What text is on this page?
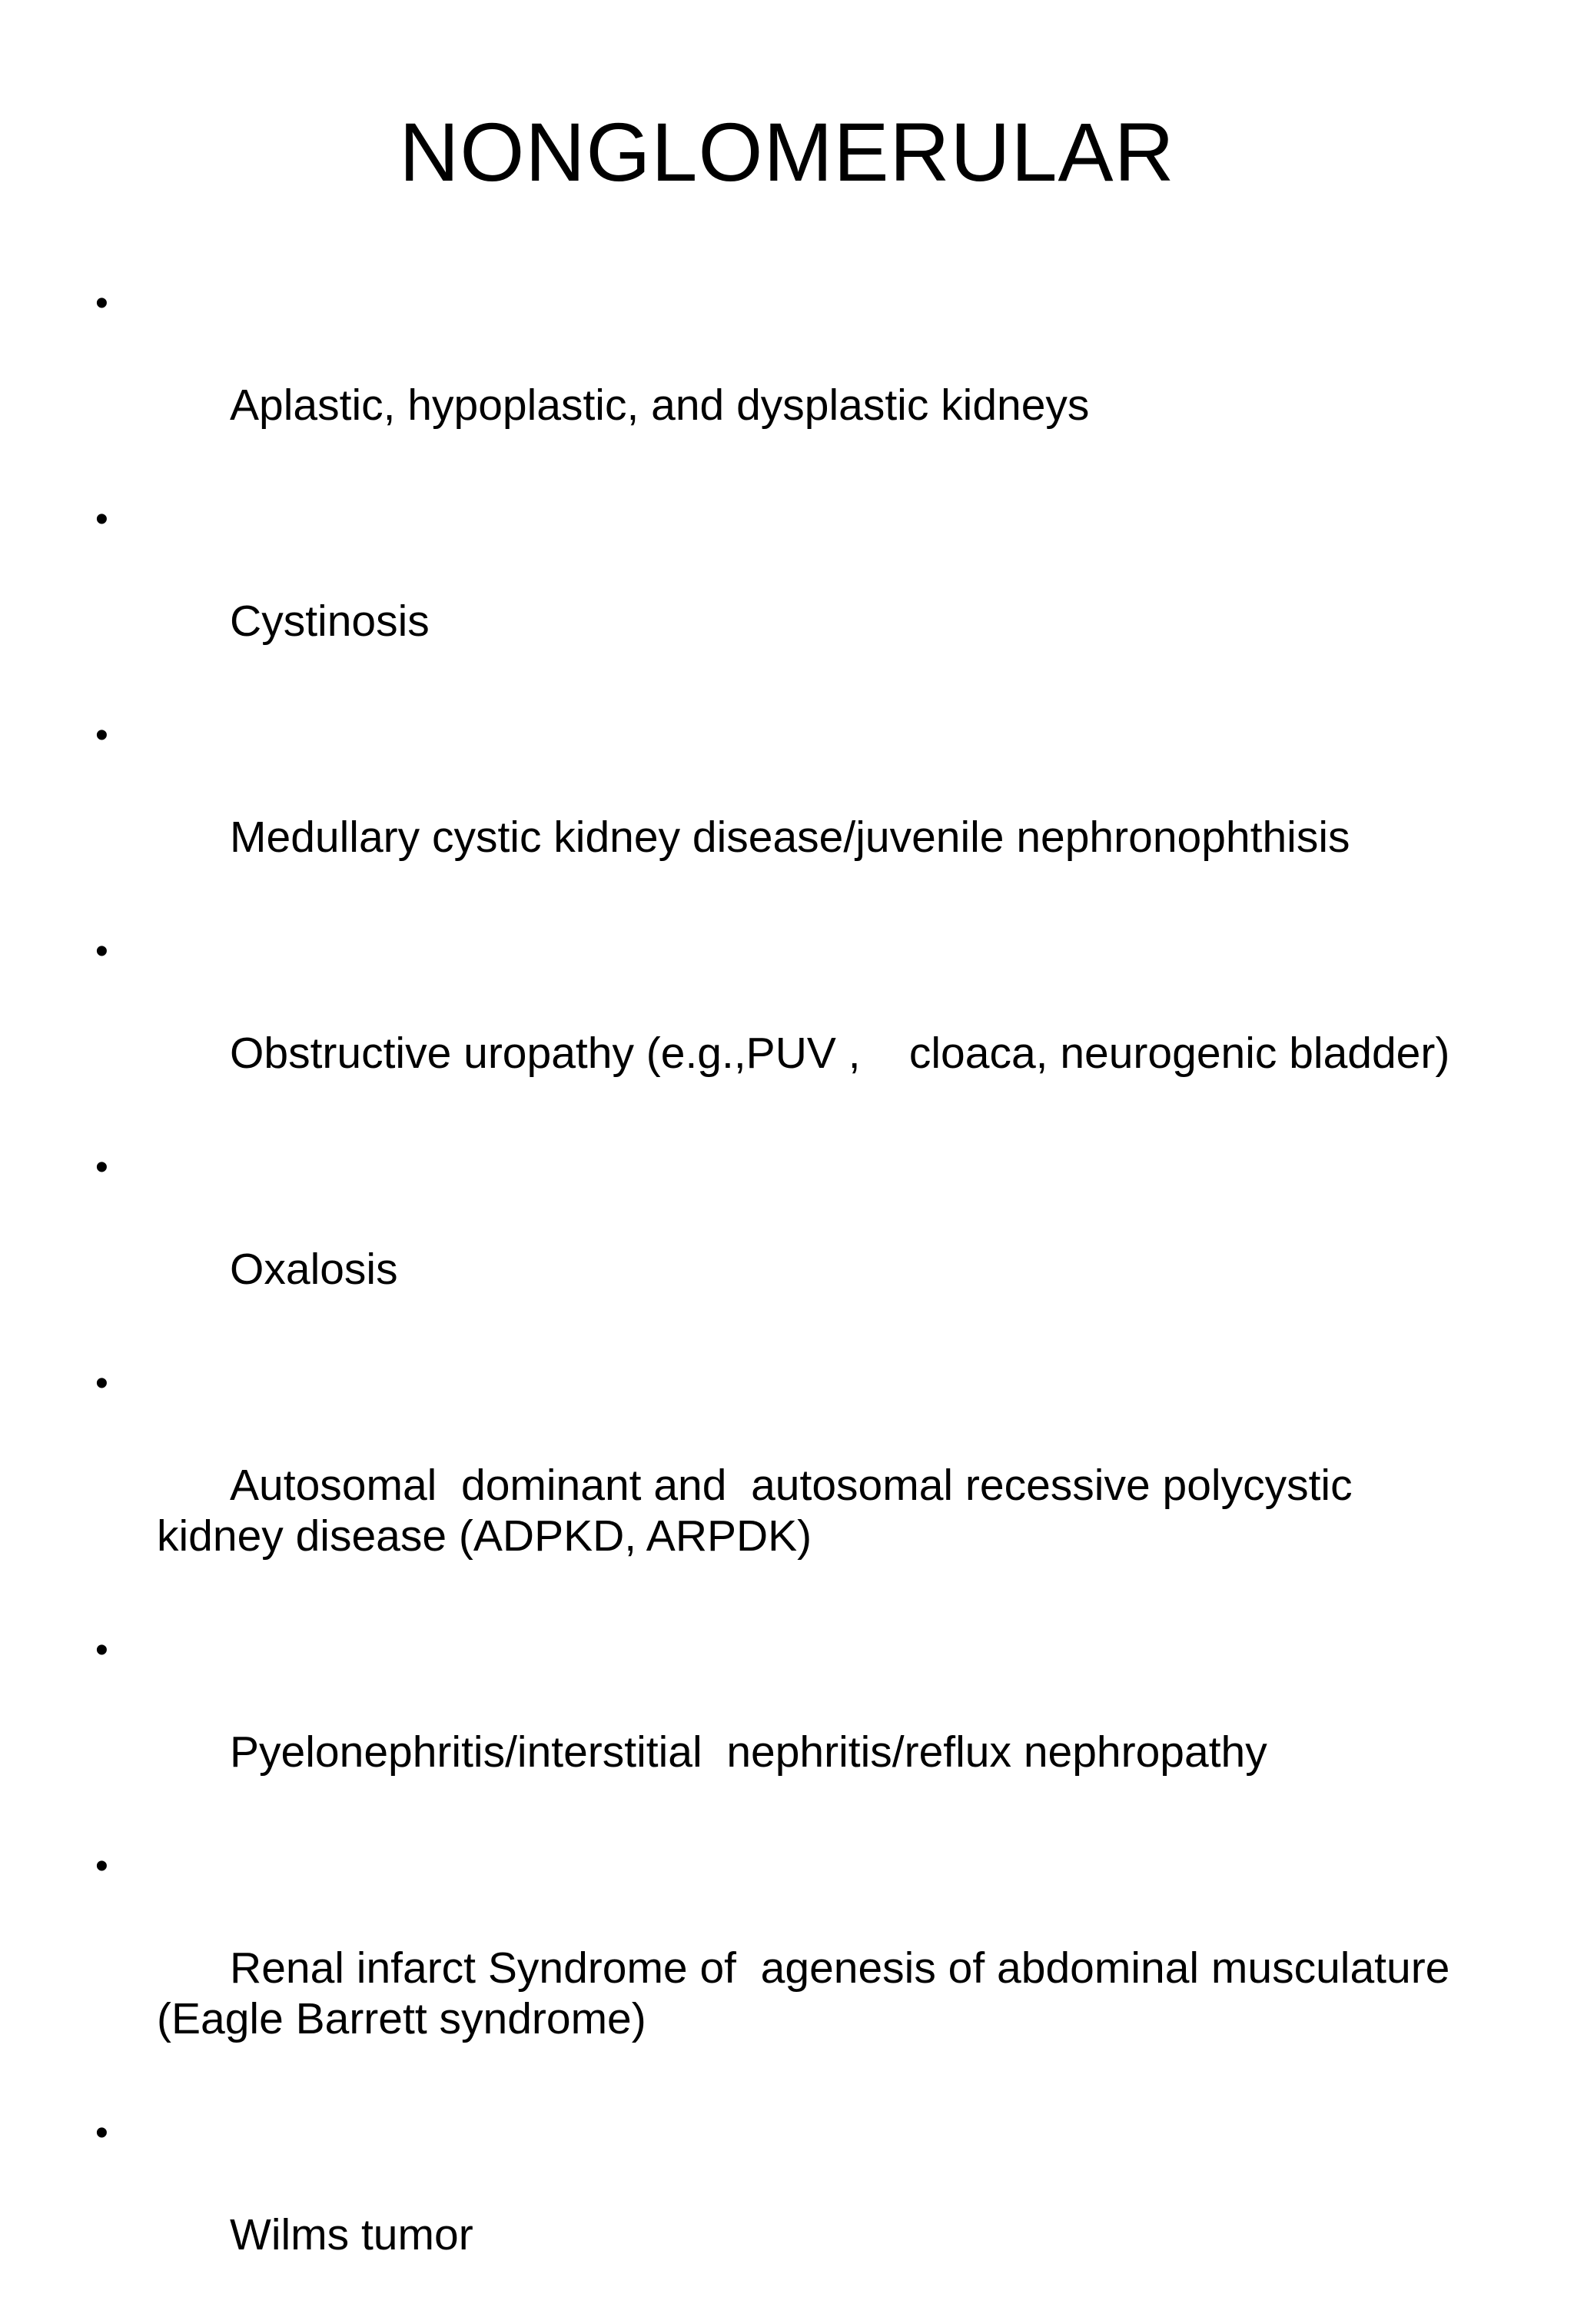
NONGLOMERULAR

•

Aplastic, hypoplastic, and dysplastic kidneys

•

Cystinosis

•

Medullary cystic kidney disease/juvenile nephronophthisis

•

Obstructive uropathy (e.g.,PUV ,    cloaca, neurogenic bladder)

•

Oxalosis

•

Autosomal  dominant and  autosomal recessive polycystic
kidney disease (ADPKD, ARPDK)

•

Pyelonephritis/interstitial  nephritis/reflux nephropathy

•

Renal infarct Syndrome of  agenesis of abdominal musculature
(Eagle Barrett syndrome)

•

Wilms tumor
